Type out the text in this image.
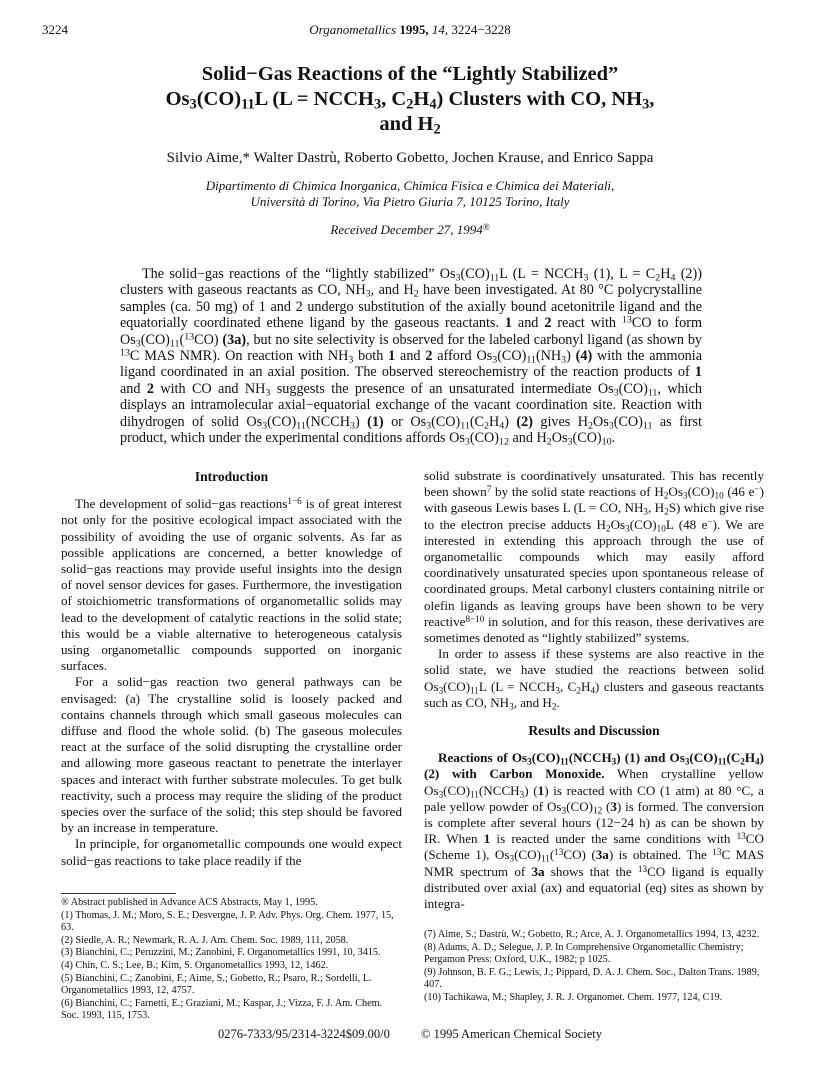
3224	Organometallics 1995, 14, 3224−3228
Solid−Gas Reactions of the “Lightly Stabilized”
$Os_3(CO)_{11}L$ ($L = NCCH_3$, $C_2H_4$) Clusters with CO, $NH_3$,
and $H_2$
Silvio Aime,* Walter Dastrù, Roberto Gobetto, Jochen Krause, and Enrico Sappa
Dipartimento di Chimica Inorganica, Chimica Fisica e Chimica dei Materiali,
Università di Torino, Via Pietro Giuria 7, 10125 Torino, Italy
Received December 27, 1994®

The solid−gas reactions of the “lightly stabilized” $Os_3(CO)_{11}L$ ($L = NCCH_3$ (1), $L = C_2H_4$ (2)) clusters with gaseous reactants as CO, $NH_3$, and $H_2$ have been investigated. At 80 °C polycrystalline samples (ca. 50 mg) of 1 and 2 undergo substitution of the axially bound acetonitrile ligand and the equatorially coordinated ethene ligand by the gaseous reactants. 1 and 2 react with $^{13}$CO to form $Os_3(CO)_{11}(^{13}CO)$ (3a), but no site selectivity is observed for the labeled carbonyl ligand (as shown by $^{13}$C MAS NMR). On reaction with $NH_3$ both 1 and 2 afford $Os_3(CO)_{11}(NH_3)$ (4) with the ammonia ligand coordinated in an axial position. The observed stereochemistry of the reaction products of 1 and 2 with CO and $NH_3$ suggests the presence of an unsaturated intermediate $Os_3(CO)_{11}$, which displays an intramolecular axial−equatorial exchange of the vacant coordination site. Reaction with dihydrogen of solid $Os_3(CO)_{11}(NCCH_3)$ (1) or $Os_3(CO)_{11}(C_2H_4)$ (2) gives $H_2Os_3(CO)_{11}$ as first product, which under the experimental conditions affords $Os_3(CO)_{12}$ and $H_2Os_3(CO)_{10}$.

Introduction

The development of solid−gas reactions$^{1-6}$ is of great interest not only for the positive ecological impact associated with the possibility of avoiding the use of organic solvents. As far as possible applications are concerned, a better knowledge of solid−gas reactions may provide useful insights into the design of novel sensor devices for gases. Furthermore, the investigation of stoichiometric transformations of organometallic solids may lead to the development of catalytic reactions in the solid state; this would be a viable alternative to heterogeneous catalysis using organometallic compounds supported on inorganic surfaces.

For a solid−gas reaction two general pathways can be envisaged: (a) The crystalline solid is loosely packed and contains channels through which small gaseous molecules can diffuse and flood the whole solid. (b) The gaseous molecules react at the surface of the solid disrupting the crystalline order and allowing more gaseous reactant to penetrate the interlayer spaces and interact with further substrate molecules. To get bulk reactivity, such a process may require the sliding of the product species over the surface of the solid; this step should be favored by an increase in temperature.

In principle, for organometallic compounds one would expect solid−gas reactions to take place readily if the

solid substrate is coordinatively unsaturated. This has recently been shown$^7$ by the solid state reactions of $H_2Os_3(CO)_{10}$ (46 e−) with gaseous Lewis bases L (L = CO, $NH_3$, $H_2S$) which give rise to the electron precise adducts $H_2Os_3(CO)_{10}L$ (48 e−). We are interested in extending this approach through the use of organometallic compounds which may easily afford coordinatively unsaturated species upon spontaneous release of coordinated groups. Metal carbonyl clusters containing nitrile or olefin ligands as leaving groups have been shown to be very reactive$^{8-10}$ in solution, and for this reason, these derivatives are sometimes denoted as “lightly stabilized” systems.

In order to assess if these systems are also reactive in the solid state, we have studied the reactions between solid $Os_3(CO)_{11}L$ ($L = NCCH_3$, $C_2H_4$) clusters and gaseous reactants such as CO, $NH_3$, and $H_2$.

Results and Discussion

Reactions of $Os_3(CO)_{11}(NCCH_3)$ (1) and $Os_3(CO)_{11}(C_2H_4)$ (2) with Carbon Monoxide. When crystalline yellow $Os_3(CO)_{11}(NCCH_3)$ (1) is reacted with CO (1 atm) at 80 °C, a pale yellow powder of $Os_3(CO)_{12}$ (3) is formed. The conversion is complete after several hours (12−24 h) as can be shown by IR. When 1 is reacted under the same conditions with $^{13}$CO (Scheme 1), $Os_3(CO)_{11}(^{13}CO)$ (3a) is obtained. The $^{13}$C MAS NMR spectrum of 3a shows that the $^{13}$CO ligand is equally distributed over axial (ax) and equatorial (eq) sites as shown by integra-

® Abstract published in Advance ACS Abstracts, May 1, 1995.
(1) Thomas, J. M.; Moro, S. E.; Desvergne, J. P. Adv. Phys. Org. Chem. 1977, 15, 63.
(2) Siedle, A. R.; Newmark, R. A. J. Am. Chem. Soc. 1989, 111, 2058.
(3) Bianchini, C.; Peruzzini, M.; Zanobini, F. Organometallics 1991, 10, 3415.
(4) Chin, C. S.; Lee, B.; Kim, S. Organometallics 1993, 12, 1462.
(5) Bianchini, C.; Zanobini, F.; Aime, S.; Gobetto, R.; Psaro, R.; Sordelli, L. Organometallics 1993, 12, 4757.
(6) Bianchini, C.; Farnetti, E.; Graziani, M.; Kaspar, J.; Vizza, F. J. Am. Chem. Soc. 1993, 115, 1753.
(7) Aime, S.; Dastrù, W.; Gobetto, R.; Arce, A. J. Organometallics 1994, 13, 4232.
(8) Adams, A. D.; Selegue, J. P. In Comprehensive Organometallic Chemistry; Pergamon Press: Oxford, U.K., 1982; p 1025.
(9) Johnson, B. F. G.; Lewis, J.; Pippard, D. A. J. Chem. Soc., Dalton Trans. 1989, 407.
(10) Tachikawa, M.; Shapley, J. R. J. Organomet. Chem. 1977, 124, C19.
0276-7333/95/2314-3224$09.00/0 © 1995 American Chemical Society
